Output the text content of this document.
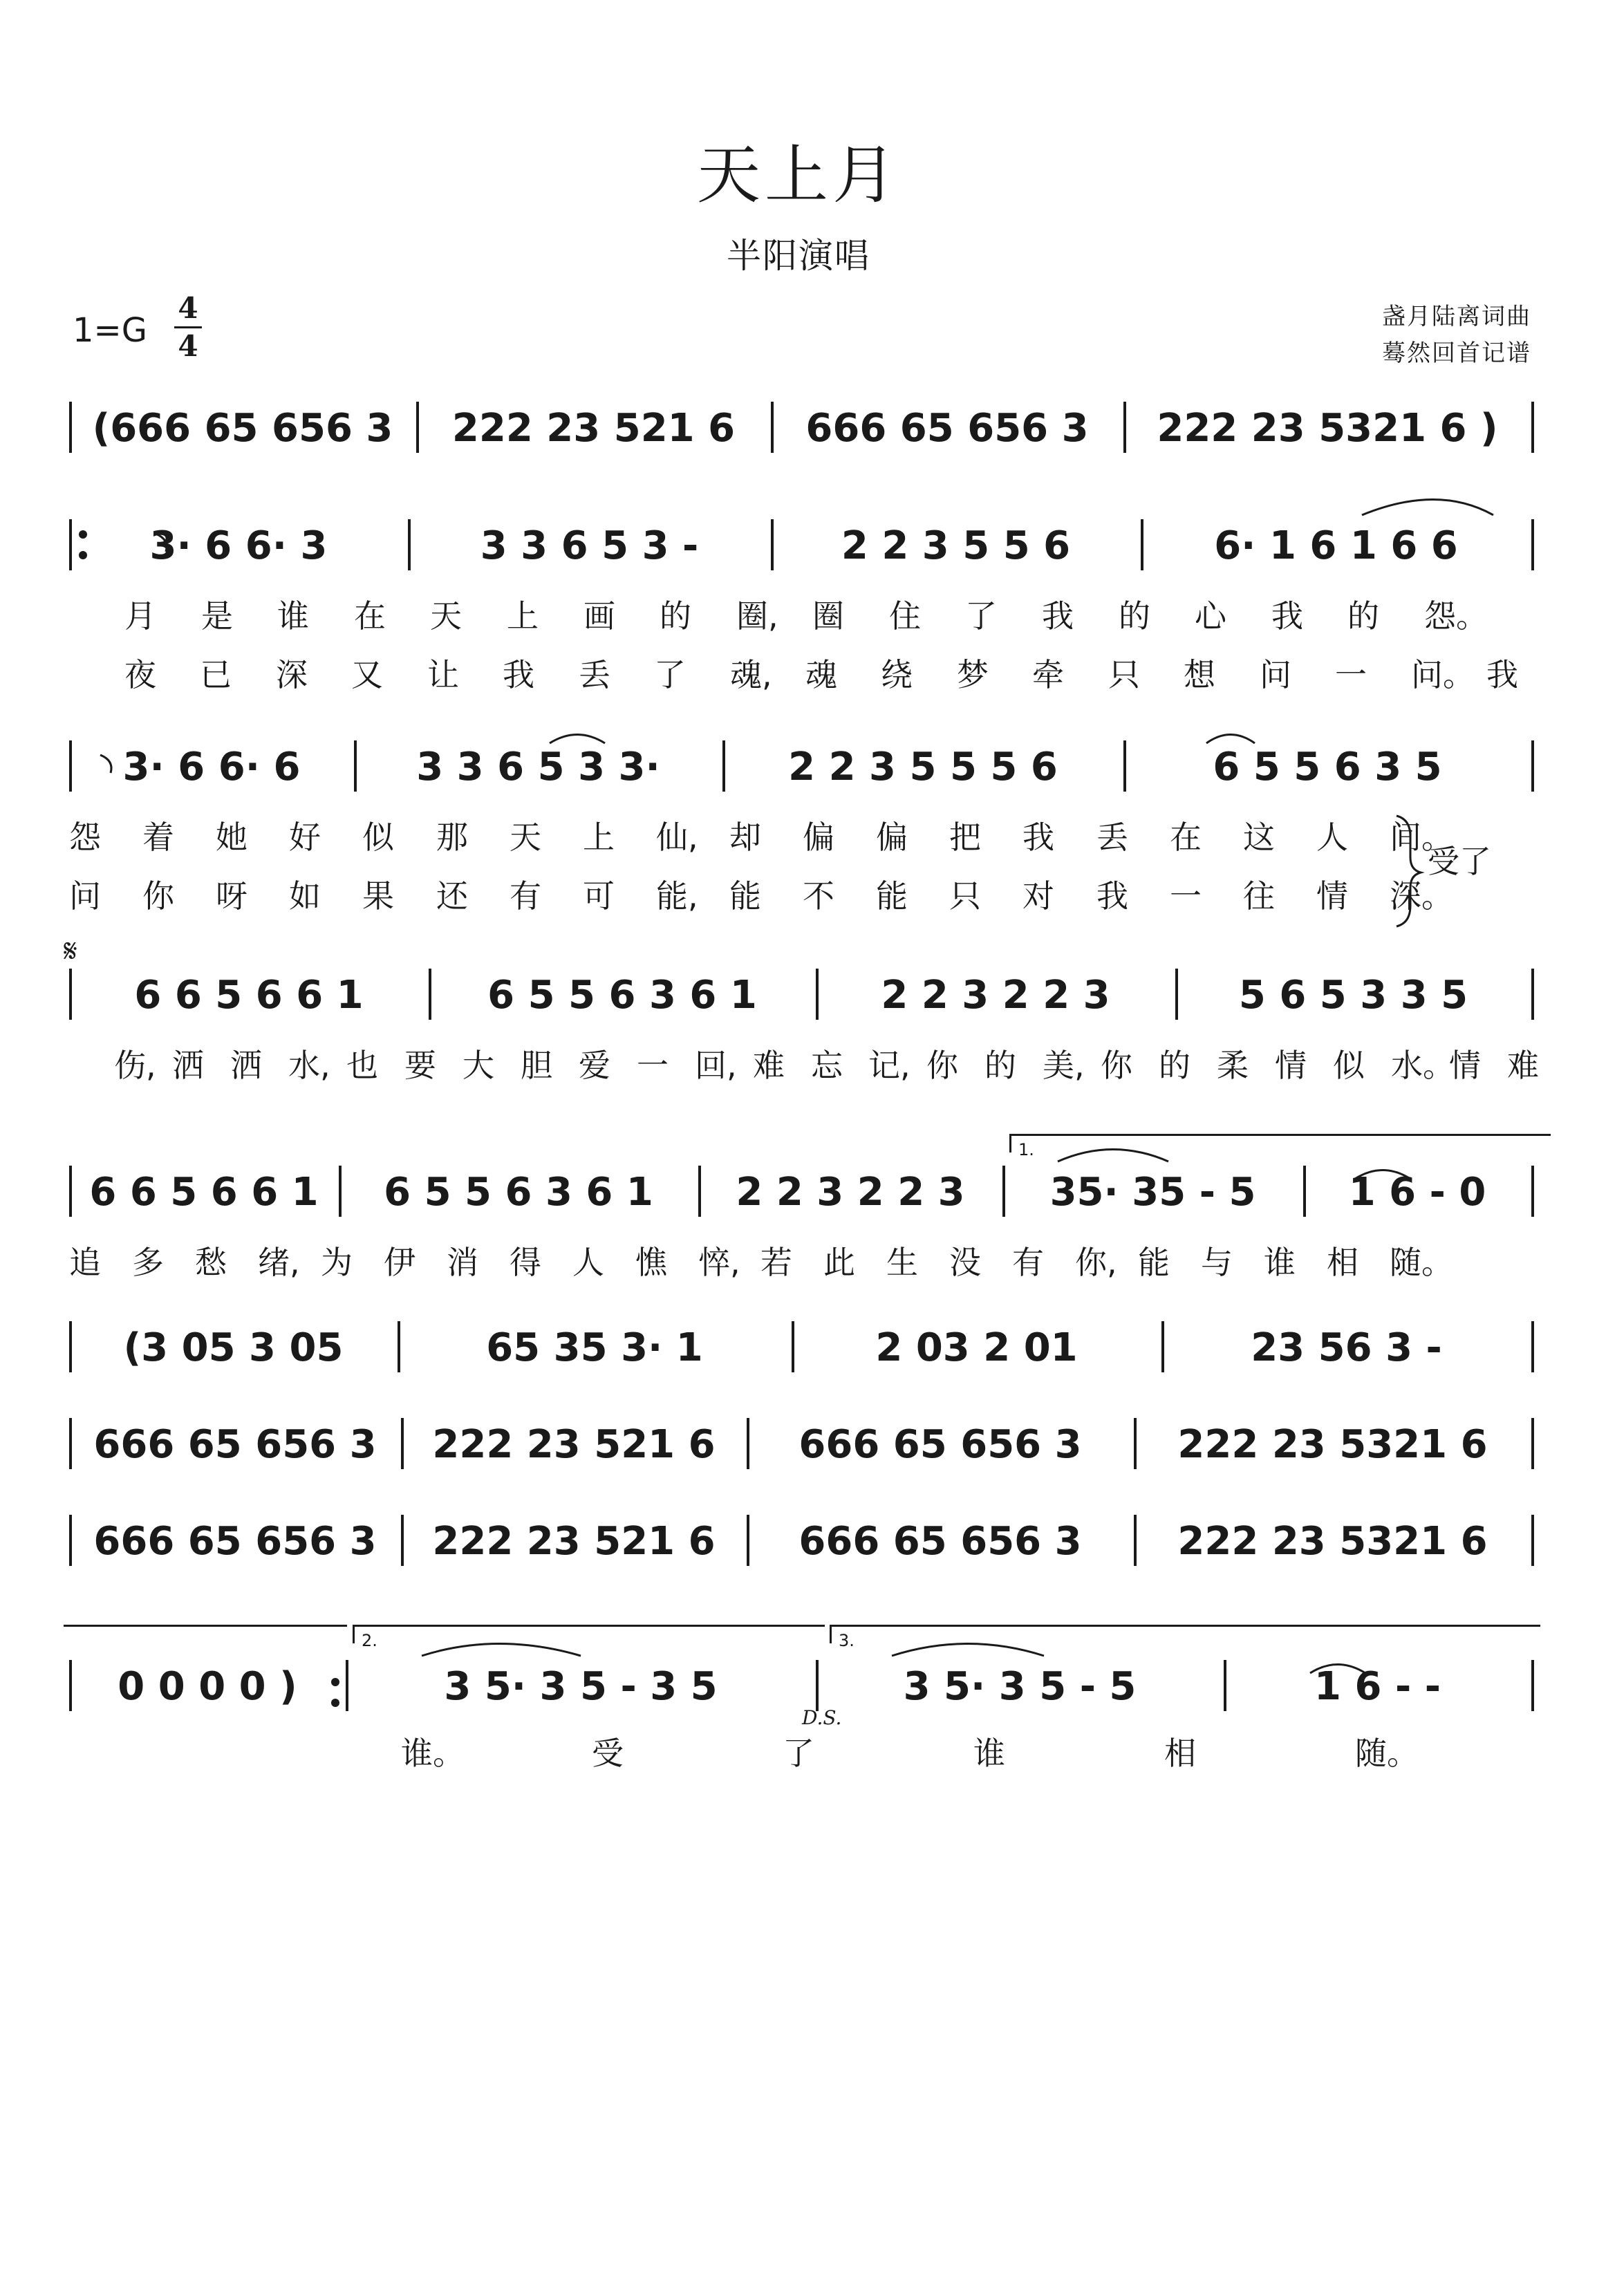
天上月
半阳演唱
1=G
4
4
盏月陆离词曲
蓦然回首记谱
𝄋
D.S.
1.
2.	3.
(666 65 656 3	222 23 521 6	666 65 656 3	222 23 5321 6 )
3· 6 6· 3	3 3 6 5 3 -	2 2 3 5 5 6	6· 1 6 1 6 6
3· 6 6· 6	3 3 6 5 3 3·	2 2 3 5 5 5 6	6 5 5 6 3 5
6 6 5 6 6 1	6 5 5 6 3 6 1	2 2 3 2 2 3	5 6 5 3 3 5
6 6 5 6 6 1	6 5 5 6 3 6 1	2 2 3 2 2 3	35· 35 - 5	1 6 - 0
(3 05 3 05	65 35 3· 1	2 03 2 01	23 56 3 -
666 65 656 3	222 23 521 6	666 65 656 3	222 23 5321 6
666 65 656 3	222 23 521 6	666 65 656 3	222 23 5321 6
0 0 0 0 )	3 5· 3 5 - 3 5	3 5· 3 5 - 5	1 6 - -
月 是 谁 在 天 上 画 的 圈, 圈 住 了 我 的 心 我 的 怨。
夜 已 深 又 让 我 丢 了 魂, 魂 绕 梦 牵 只 想 问 一 问。 我
怨 着 她 好 似 那 天 上 仙, 却 偏 偏 把 我 丢 在 这 人 间。
问 你 呀 如 果 还 有 可 能, 能 不 能 只 对 我 一 往 情 深。
伤, 洒 洒 水, 也 要 大 胆 爱 一 回, 难 忘 记, 你 的 美, 你 的 柔 情 似 水。
情 难
追 多 愁 绪, 为 伊 消 得 人 憔 悴, 若 此 生 没 有 你, 能 与 谁 相 随。
谁。	受	了	谁	相	随。
受了
